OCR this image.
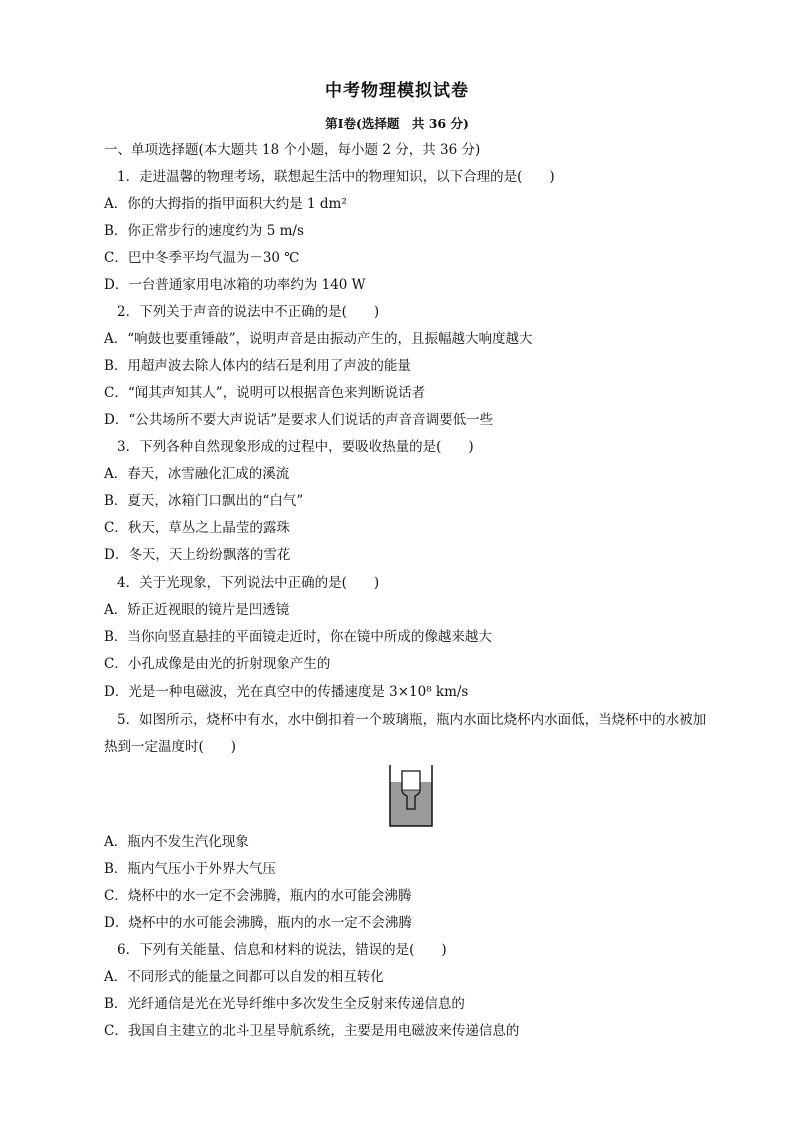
中考物理模拟试卷
第Ⅰ卷(选择题　共 36 分)
一、单项选择题(本大题共 18 个小题，每小题 2 分，共 36 分)
1．走进温馨的物理考场，联想起生活中的物理知识，以下合理的是(　　)
A．你的大拇指的指甲面积大约是 1 dm²
B．你正常步行的速度约为 5 m/s
C．巴中冬季平均气温为－30 ℃
D．一台普通家用电冰箱的功率约为 140 W
2．下列关于声音的说法中不正确的是(　　)
A．“响鼓也要重锤敲”，说明声音是由振动产生的，且振幅越大响度越大
B．用超声波去除人体内的结石是利用了声波的能量
C．“闻其声知其人”，说明可以根据音色来判断说话者
D．“公共场所不要大声说话”是要求人们说话的声音音调要低一些
3．下列各种自然现象形成的过程中，要吸收热量的是(　　)
A．春天，冰雪融化汇成的溪流
B．夏天，冰箱门口飘出的“白气”
C．秋天，草丛之上晶莹的露珠
D．冬天，天上纷纷飘落的雪花
4．关于光现象，下列说法中正确的是(　　)
A．矫正近视眼的镜片是凹透镜
B．当你向竖直悬挂的平面镜走近时，你在镜中所成的像越来越大
C．小孔成像是由光的折射现象产生的
D．光是一种电磁波，光在真空中的传播速度是 3×10⁸ km/s
5．如图所示，烧杯中有水，水中倒扣着一个玻璃瓶，瓶内水面比烧杯内水面低，当烧杯中的水被加
热到一定温度时(　　)
A．瓶内不发生汽化现象
B．瓶内气压小于外界大气压
C．烧杯中的水一定不会沸腾，瓶内的水可能会沸腾
D．烧杯中的水可能会沸腾，瓶内的水一定不会沸腾
6．下列有关能量、信息和材料的说法，错误的是(　　)
A．不同形式的能量之间都可以自发的相互转化
B．光纤通信是光在光导纤维中多次发生全反射来传递信息的
C．我国自主建立的北斗卫星导航系统，主要是用电磁波来传递信息的
